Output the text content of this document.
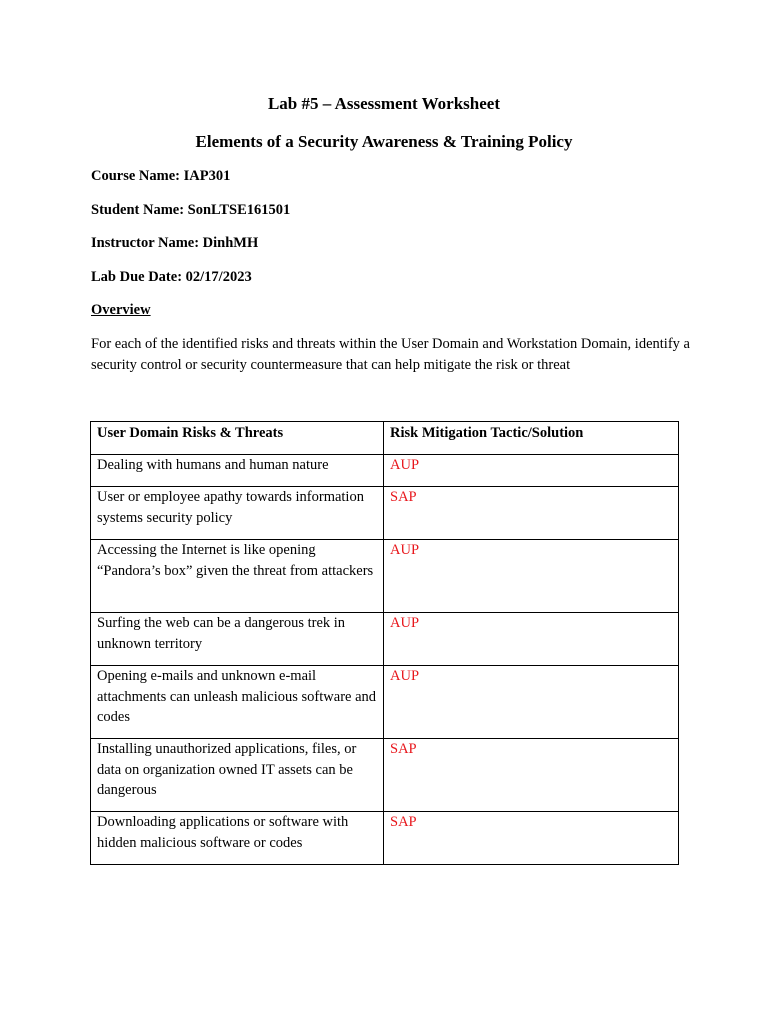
Lab #5 – Assessment Worksheet
Elements of a Security Awareness & Training Policy

Course Name: IAP301

Student Name: SonLTSE161501

Instructor Name: DinhMH

Lab Due Date: 02/17/2023

Overview

For each of the identified risks and threats within the User Domain and Workstation Domain, identify a security control or security countermeasure that can help mitigate the risk or threat

User Domain Risks & Threats	Risk Mitigation Tactic/Solution
Dealing with humans and human nature	AUP
User or employee apathy towards information systems security policy	SAP
Accessing the Internet is like opening “Pandora’s box” given the threat from attackers	AUP
Surfing the web can be a dangerous trek in unknown territory	AUP
Opening e-mails and unknown e-mail attachments can unleash malicious software and codes	AUP
Installing unauthorized applications, files, or data on organization owned IT assets can be dangerous	SAP
Downloading applications or software with hidden malicious software or codes	SAP
